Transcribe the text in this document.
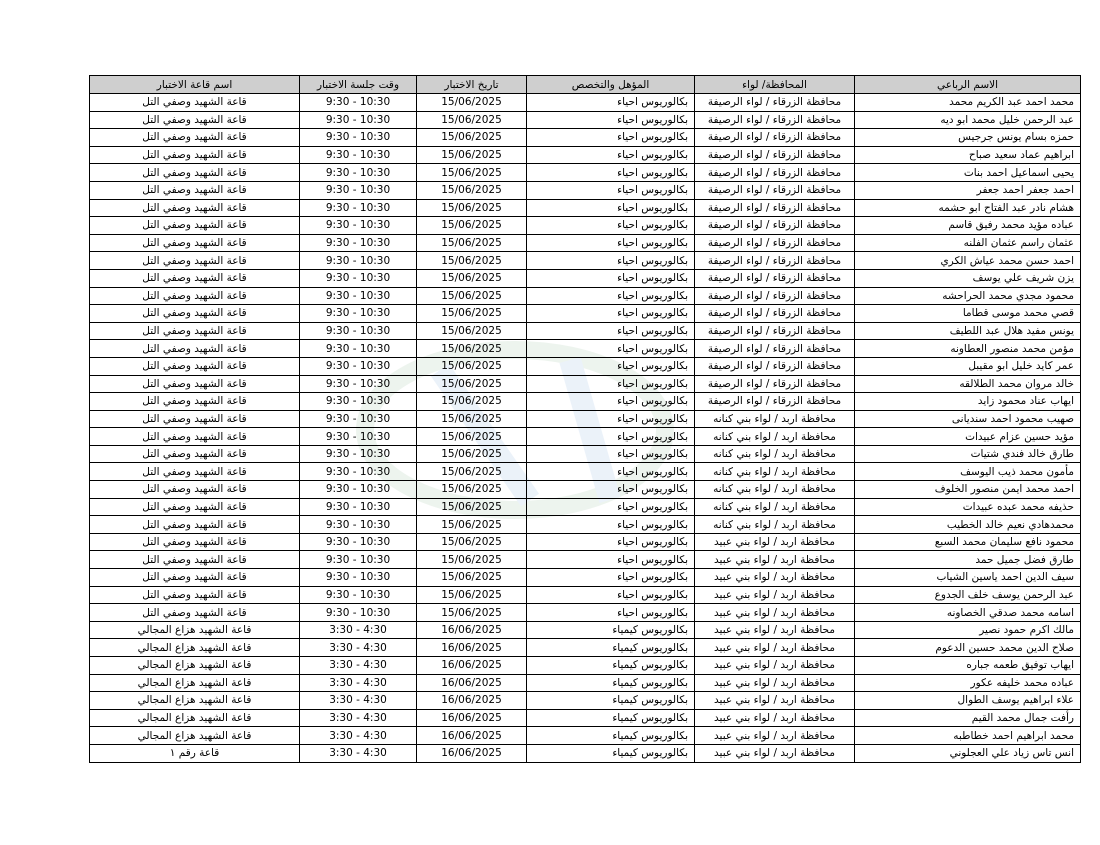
الاسم الرباعي	المحافظة/ لواء	المؤهل والتخصص	تاريخ الاختبار	وقت جلسة الاختبار	اسم قاعة الاختبار
محمد احمد عبد الكريم محمد	محافظة الزرقاء / لواء الرصيفة	بكالوريوس احياء	15/06/2025	9:30 - 10:30	قاعة الشهيد وصفي التل
عبد الرحمن خليل محمد ابو ديه	محافظة الزرقاء / لواء الرصيفة	بكالوريوس احياء	15/06/2025	9:30 - 10:30	قاعة الشهيد وصفي التل
حمزه بسام يونس جرجيس	محافظة الزرقاء / لواء الرصيفة	بكالوريوس احياء	15/06/2025	9:30 - 10:30	قاعة الشهيد وصفي التل
ابراهيم عماد سعيد صباح	محافظة الزرقاء / لواء الرصيفة	بكالوريوس احياء	15/06/2025	9:30 - 10:30	قاعة الشهيد وصفي التل
يحيى اسماعيل احمد بنات	محافظة الزرقاء / لواء الرصيفة	بكالوريوس احياء	15/06/2025	9:30 - 10:30	قاعة الشهيد وصفي التل
احمد جعفر احمد جعفر	محافظة الزرقاء / لواء الرصيفة	بكالوريوس احياء	15/06/2025	9:30 - 10:30	قاعة الشهيد وصفي التل
هشام نادر عبد الفتاح ابو حشمه	محافظة الزرقاء / لواء الرصيفة	بكالوريوس احياء	15/06/2025	9:30 - 10:30	قاعة الشهيد وصفي التل
عباده مؤيد محمد رفيق قاسم	محافظة الزرقاء / لواء الرصيفة	بكالوريوس احياء	15/06/2025	9:30 - 10:30	قاعة الشهيد وصفي التل
عثمان راسم عثمان الفلنه	محافظة الزرقاء / لواء الرصيفة	بكالوريوس احياء	15/06/2025	9:30 - 10:30	قاعة الشهيد وصفي التل
احمد حسن محمد عياش الكري	محافظة الزرقاء / لواء الرصيفة	بكالوريوس احياء	15/06/2025	9:30 - 10:30	قاعة الشهيد وصفي التل
يزن شريف علي يوسف	محافظة الزرقاء / لواء الرصيفة	بكالوريوس احياء	15/06/2025	9:30 - 10:30	قاعة الشهيد وصفي التل
محمود مجدي محمد الحراحشه	محافظة الزرقاء / لواء الرصيفة	بكالوريوس احياء	15/06/2025	9:30 - 10:30	قاعة الشهيد وصفي التل
قصي محمد موسى قطاما	محافظة الزرقاء / لواء الرصيفة	بكالوريوس احياء	15/06/2025	9:30 - 10:30	قاعة الشهيد وصفي التل
يونس مفيد هلال عبد اللطيف	محافظة الزرقاء / لواء الرصيفة	بكالوريوس احياء	15/06/2025	9:30 - 10:30	قاعة الشهيد وصفي التل
مؤمن محمد منصور العطاونه	محافظة الزرقاء / لواء الرصيفة	بكالوريوس احياء	15/06/2025	9:30 - 10:30	قاعة الشهيد وصفي التل
عمر كايد خليل ابو مقيبل	محافظة الزرقاء / لواء الرصيفة	بكالوريوس احياء	15/06/2025	9:30 - 10:30	قاعة الشهيد وصفي التل
خالد مروان محمد الطلالقه	محافظة الزرقاء / لواء الرصيفة	بكالوريوس احياء	15/06/2025	9:30 - 10:30	قاعة الشهيد وصفي التل
ايهاب عناد محمود زايد	محافظة الزرقاء / لواء الرصيفة	بكالوريوس احياء	15/06/2025	9:30 - 10:30	قاعة الشهيد وصفي التل
صهيب محمود احمد سنديانى	محافظة اربد / لواء بني كنانه	بكالوريوس احياء	15/06/2025	9:30 - 10:30	قاعة الشهيد وصفي التل
مؤيد حسين عزام عبيدات	محافظة اربد / لواء بني كنانه	بكالوريوس احياء	15/06/2025	9:30 - 10:30	قاعة الشهيد وصفي التل
طارق خالد فندي شتيات	محافظة اربد / لواء بني كنانه	بكالوريوس احياء	15/06/2025	9:30 - 10:30	قاعة الشهيد وصفي التل
مأمون محمد ذيب اليوسف	محافظة اربد / لواء بني كنانه	بكالوريوس احياء	15/06/2025	9:30 - 10:30	قاعة الشهيد وصفي التل
احمد محمد ايمن منصور الخلوف	محافظة اربد / لواء بني كنانه	بكالوريوس احياء	15/06/2025	9:30 - 10:30	قاعة الشهيد وصفي التل
حذيفه محمد عبده عبيدات	محافظة اربد / لواء بني كنانه	بكالوريوس احياء	15/06/2025	9:30 - 10:30	قاعة الشهيد وصفي التل
محمدهادي نعيم خالد الخطيب	محافظة اربد / لواء بني كنانه	بكالوريوس احياء	15/06/2025	9:30 - 10:30	قاعة الشهيد وصفي التل
محمود نافع سليمان محمد السبع	محافظة اربد / لواء بني عبيد	بكالوريوس احياء	15/06/2025	9:30 - 10:30	قاعة الشهيد وصفي التل
طارق فضل جميل حمد	محافظة اربد / لواء بني عبيد	بكالوريوس احياء	15/06/2025	9:30 - 10:30	قاعة الشهيد وصفي التل
سيف الدين احمد ياسين الشياب	محافظة اربد / لواء بني عبيد	بكالوريوس احياء	15/06/2025	9:30 - 10:30	قاعة الشهيد وصفي التل
عبد الرحمن يوسف خلف الجدوع	محافظة اربد / لواء بني عبيد	بكالوريوس احياء	15/06/2025	9:30 - 10:30	قاعة الشهيد وصفي التل
اسامه محمد صدقي الخصاونه	محافظة اربد / لواء بني عبيد	بكالوريوس احياء	15/06/2025	9:30 - 10:30	قاعة الشهيد وصفي التل
مالك اكرم حمود نصير	محافظة اربد / لواء بني عبيد	بكالوريوس كيمياء	16/06/2025	3:30 - 4:30	قاعة الشهيد هزاع المجالي
صلاح الدين محمد حسين الدعوم	محافظة اربد / لواء بني عبيد	بكالوريوس كيمياء	16/06/2025	3:30 - 4:30	قاعة الشهيد هزاع المجالي
ايهاب توفيق طعمه جباره	محافظة اربد / لواء بني عبيد	بكالوريوس كيمياء	16/06/2025	3:30 - 4:30	قاعة الشهيد هزاع المجالي
عباده محمد خليفه عكور	محافظة اربد / لواء بني عبيد	بكالوريوس كيمياء	16/06/2025	3:30 - 4:30	قاعة الشهيد هزاع المجالي
علاء ابراهيم يوسف الطوال	محافظة اربد / لواء بني عبيد	بكالوريوس كيمياء	16/06/2025	3:30 - 4:30	قاعة الشهيد هزاع المجالي
رأفت جمال محمد القيم	محافظة اربد / لواء بني عبيد	بكالوريوس كيمياء	16/06/2025	3:30 - 4:30	قاعة الشهيد هزاع المجالي
محمد ابراهيم احمد خطاطبه	محافظة اربد / لواء بني عبيد	بكالوريوس كيمياء	16/06/2025	3:30 - 4:30	قاعة الشهيد هزاع المجالي
انس تاس زياد علي العجلوني	محافظة اربد / لواء بني عبيد	بكالوريوس كيمياء	16/06/2025	3:30 - 4:30	قاعة رقم ١
